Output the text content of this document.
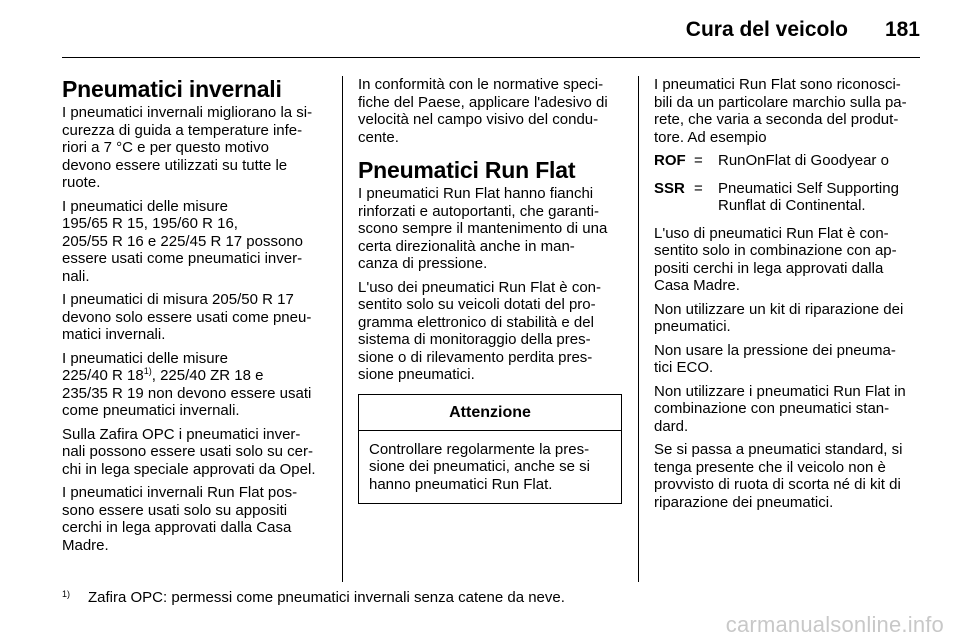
Cura del veicolo 181
Pneumatici invernali

I pneumatici invernali migliorano la si-
curezza di guida a temperature infe-
riori a 7 °C e per questo motivo
devono essere utilizzati su tutte le
ruote.

I pneumatici delle misure
195/65 R 15, 195/60 R 16,
205/55 R 16 e 225/45 R 17 possono
essere usati come pneumatici inver-
nali.

I pneumatici di misura 205/50 R 17
devono solo essere usati come pneu-
matici invernali.

I pneumatici delle misure
225/40 R 18$^{1)}$, 225/40 ZR 18 e
235/35 R 19 non devono essere usati
come pneumatici invernali.

Sulla Zafira OPC i pneumatici inver-
nali possono essere usati solo su cer-
chi in lega speciale approvati da Opel.

I pneumatici invernali Run Flat pos-
sono essere usati solo su appositi
cerchi in lega approvati dalla Casa
Madre.

In conformità con le normative speci-
fiche del Paese, applicare l'adesivo di
velocità nel campo visivo del condu-
cente.

Pneumatici Run Flat

I pneumatici Run Flat hanno fianchi
rinforzati e autoportanti, che garanti-
scono sempre il mantenimento di una
certa direzionalità anche in man-
canza di pressione.

L'uso dei pneumatici Run Flat è con-
sentito solo su veicoli dotati del pro-
gramma elettronico di stabilità e del
sistema di monitoraggio della pres-
sione o di rilevamento perdita pres-
sione pneumatici.

Attenzione
Controllare regolarmente la pres-
sione dei pneumatici, anche se si
hanno pneumatici Run Flat.

I pneumatici Run Flat sono riconosci-
bili da un particolare marchio sulla pa-
rete, che varia a seconda del produt-
tore. Ad esempio

ROF =	RunOnFlat di Goodyear o
SSR =	Pneumatici Self Supporting
Runflat di Continental.

L'uso di pneumatici Run Flat è con-
sentito solo in combinazione con ap-
positi cerchi in lega approvati dalla
Casa Madre.

Non utilizzare un kit di riparazione dei
pneumatici.

Non usare la pressione dei pneuma-
tici ECO.

Non utilizzare i pneumatici Run Flat in
combinazione con pneumatici stan-
dard.

Se si passa a pneumatici standard, si
tenga presente che il veicolo non è
provvisto di ruota di scorta né di kit di
riparazione dei pneumatici.

1) Zafira OPC: permessi come pneumatici invernali senza catene da neve.
carmanualsonline.info
